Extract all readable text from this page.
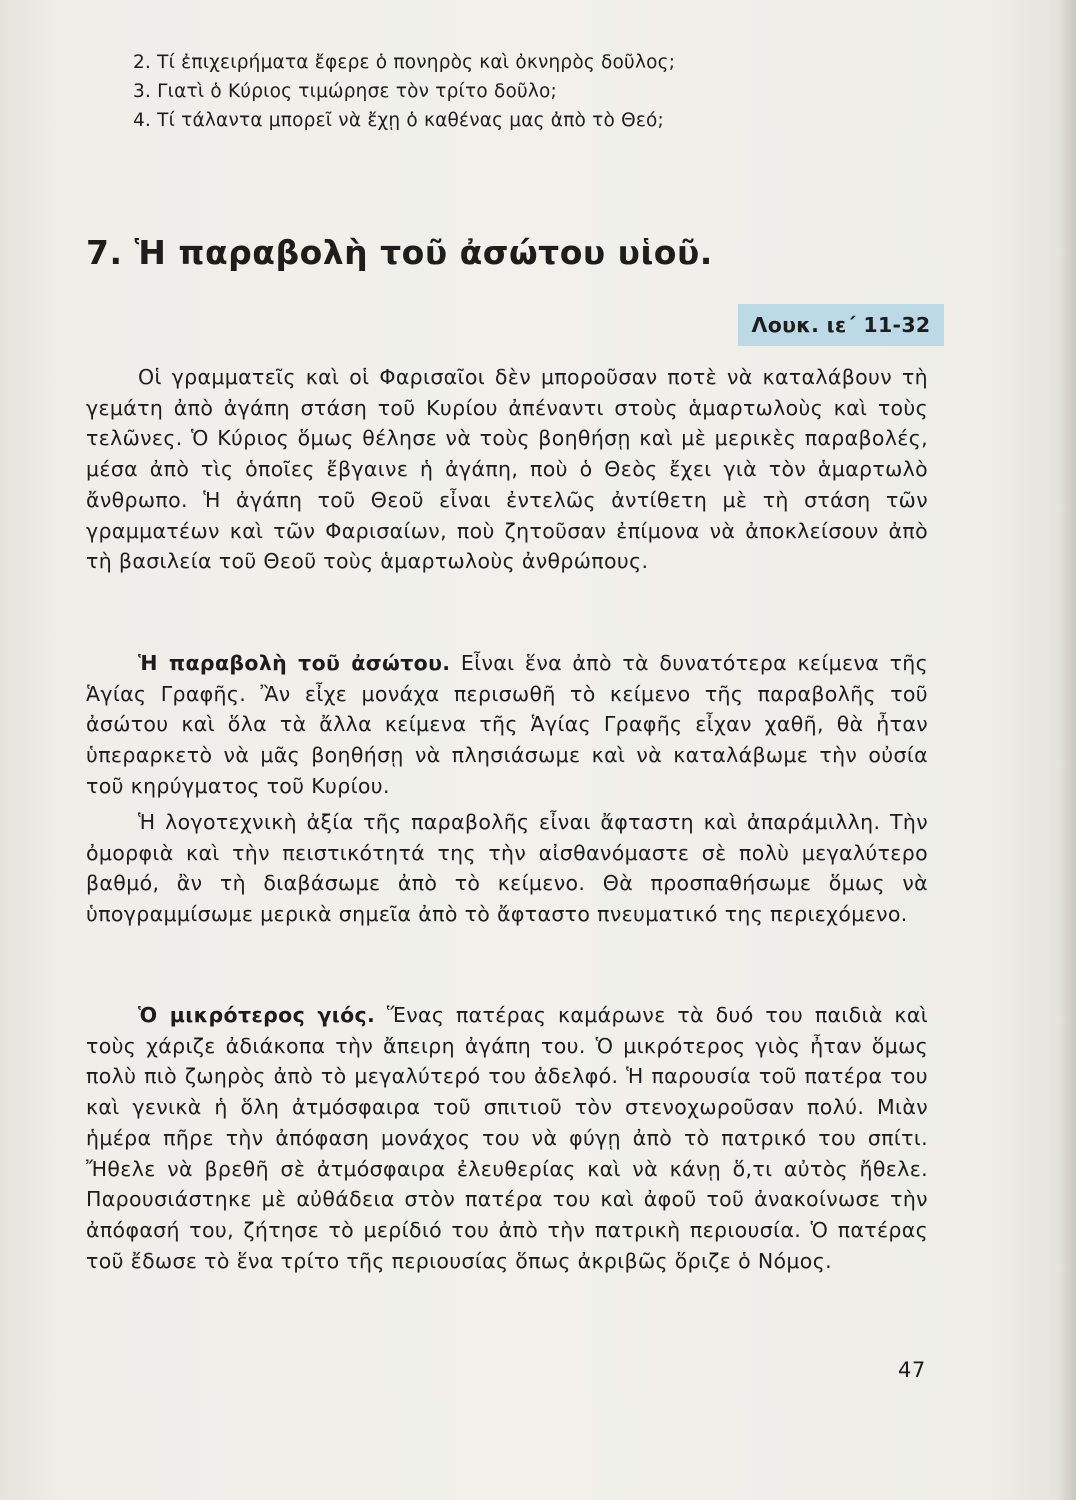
2. Τί ἐπιχειρήματα ἔφερε ὁ πονηρὸς καὶ ὀκνηρὸς δοῦλος;
3. Γιατὶ ὁ Κύριος τιμώρησε τὸν τρίτο δοῦλο;
4. Τί τάλαντα μπορεῖ νὰ ἔχῃ ὁ καθένας μας ἀπὸ τὸ Θεό;
7. Ἡ παραβολὴ τοῦ ἀσώτου υἱοῦ.
Λουκ. ιε΄ 11-32

Οἱ γραμματεῖς καὶ οἱ Φαρισαῖοι δὲν μποροῦσαν ποτὲ νὰ καταλάβουν τὴ γεμάτη ἀπὸ ἀγάπη στάση τοῦ Κυρίου ἀπέναντι στοὺς ἁμαρτωλοὺς καὶ τοὺς τελῶνες. Ὁ Κύριος ὅμως θέλησε νὰ τοὺς βοηθήσῃ καὶ μὲ μερικὲς παραβολές, μέσα ἀπὸ τὶς ὁποῖες ἔβγαινε ἡ ἀγάπη, ποὺ ὁ Θεὸς ἔχει γιὰ τὸν ἁμαρτωλὸ ἄνθρωπο. Ἡ ἀγάπη τοῦ Θεοῦ εἶναι ἐντελῶς ἀντίθετη μὲ τὴ στάση τῶν γραμματέων καὶ τῶν Φαρισαίων, ποὺ ζητοῦσαν ἐπίμονα νὰ ἀποκλείσουν ἀπὸ τὴ βασιλεία τοῦ Θεοῦ τοὺς ἁμαρτωλοὺς ἀνθρώπους.

Ἡ παραβολὴ τοῦ ἀσώτου. Εἶναι ἕνα ἀπὸ τὰ δυνατότερα κείμενα τῆς Ἁγίας Γραφῆς. Ἂν εἶχε μονάχα περισωθῆ τὸ κείμενο τῆς παραβολῆς τοῦ ἀσώτου καὶ ὅλα τὰ ἄλλα κείμενα τῆς Ἁγίας Γραφῆς εἶχαν χαθῆ, θὰ ἦταν ὑπεραρκετὸ νὰ μᾶς βοηθήσῃ νὰ πλησιάσωμε καὶ νὰ καταλάβωμε τὴν οὐσία τοῦ κηρύγματος τοῦ Κυρίου.

Ἡ λογοτεχνικὴ ἀξία τῆς παραβολῆς εἶναι ἄφταστη καὶ ἀπαράμιλλη. Τὴν ὀμορφιὰ καὶ τὴν πειστικότητά της τὴν αἰσθανόμαστε σὲ πολὺ μεγαλύτερο βαθμό, ἂν τὴ διαβάσωμε ἀπὸ τὸ κείμενο. Θὰ προσπαθήσωμε ὅμως νὰ ὑπογραμμίσωμε μερικὰ σημεῖα ἀπὸ τὸ ἄφταστο πνευματικό της περιεχόμενο.

Ὁ μικρότερος γιός. Ἕνας πατέρας καμάρωνε τὰ δυό του παιδιὰ καὶ τοὺς χάριζε ἀδιάκοπα τὴν ἄπειρη ἀγάπη του. Ὁ μικρότερος γιὸς ἦταν ὅμως πολὺ πιὸ ζωηρὸς ἀπὸ τὸ μεγαλύτερό του ἀδελφό. Ἡ παρουσία τοῦ πατέρα του καὶ γενικὰ ἡ ὅλη ἀτμόσφαιρα τοῦ σπιτιοῦ τὸν στενοχωροῦσαν πολύ. Μιὰν ἡμέρα πῆρε τὴν ἀπόφαση μονάχος του νὰ φύγῃ ἀπὸ τὸ πατρικό του σπίτι. Ἤθελε νὰ βρεθῆ σὲ ἀτμόσφαιρα ἐλευθερίας καὶ νὰ κάνῃ ὅ,τι αὐτὸς ἤθελε. Παρουσιάστηκε μὲ αὐθάδεια στὸν πατέρα του καὶ ἀφοῦ τοῦ ἀνακοίνωσε τὴν ἀπόφασή του, ζήτησε τὸ μερίδιό του ἀπὸ τὴν πατρικὴ περιουσία. Ὁ πατέρας τοῦ ἔδωσε τὸ ἕνα τρίτο τῆς περιουσίας ὅπως ἀκριβῶς ὅριζε ὁ Νόμος.

47
